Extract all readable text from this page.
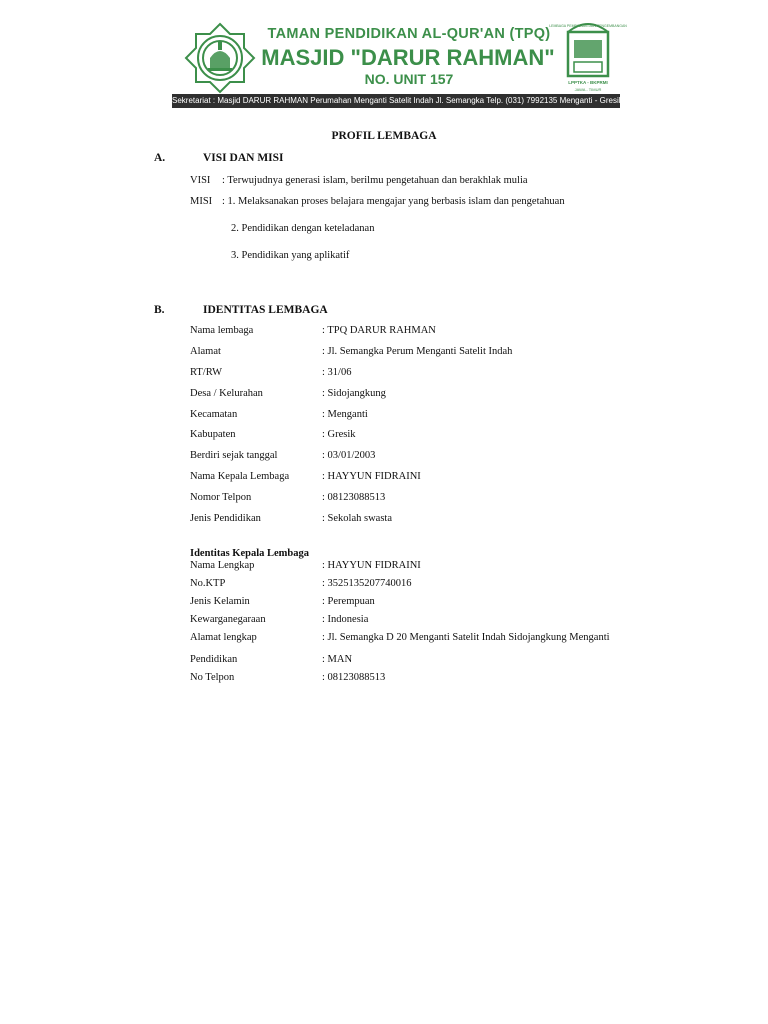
TAMAN PENDIDIKAN AL-QUR'AN (TPQ)
MASJID "DARUR RAHMAN"
NO. UNIT 157	LPPTKA - BKPRMI
JAWA - TIMUR
LEMBAGA PEMBINAAN DAN PENGEMBANGAN
Sekretariat : Masjid DARUR RAHMAN Perumahan Menganti Satelit Indah Jl. Semangka Telp. (031) 7992135 Menganti - Gresik
PROFIL LEMBAGA
A.	VISI DAN MISI
VISI : Terwujudnya generasi islam, berilmu pengetahuan dan berakhlak mulia
MISI : 1. Melaksanakan proses belajara mengajar yang berbasis islam dan pengetahuan
2. Pendidikan dengan keteladanan
3. Pendidikan yang aplikatif
B.	IDENTITAS LEMBAGA
Nama lembaga	: TPQ DARUR RAHMAN
Alamat	: Jl. Semangka Perum Menganti Satelit Indah
RT/RW	: 31/06
Desa / Kelurahan	: Sidojangkung
Kecamatan	: Menganti
Kabupaten	: Gresik
Berdiri sejak tanggal	: 03/01/2003
Nama Kepala Lembaga	: HAYYUN FIDRAINI
Nomor Telpon	: 08123088513
Jenis Pendidikan	: Sekolah swasta
Identitas Kepala Lembaga
Nama Lengkap	: HAYYUN FIDRAINI
No.KTP	: 3525135207740016
Jenis Kelamin	: Perempuan
Kewarganegaraan	: Indonesia
Alamat lengkap	: Jl. Semangka D 20 Menganti Satelit Indah Sidojangkung Menganti
Pendidikan	: MAN
No Telpon	: 08123088513
